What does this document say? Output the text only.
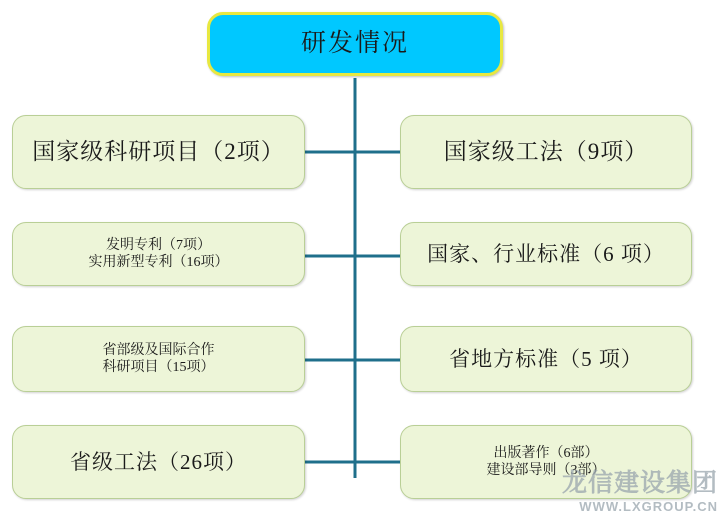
研发情况
国家级科研项目（2项）
发明专利（7项）
实用新型专利（16项）
省部级及国际合作
科研项目（15项）
省级工法（26项）
国家级工法（9项）
国家、行业标准（6 项）
省地方标准（5 项）
出版著作（6部）
建设部导则（3部）
龙信建设集团
WWW.LXGROUP.CN
